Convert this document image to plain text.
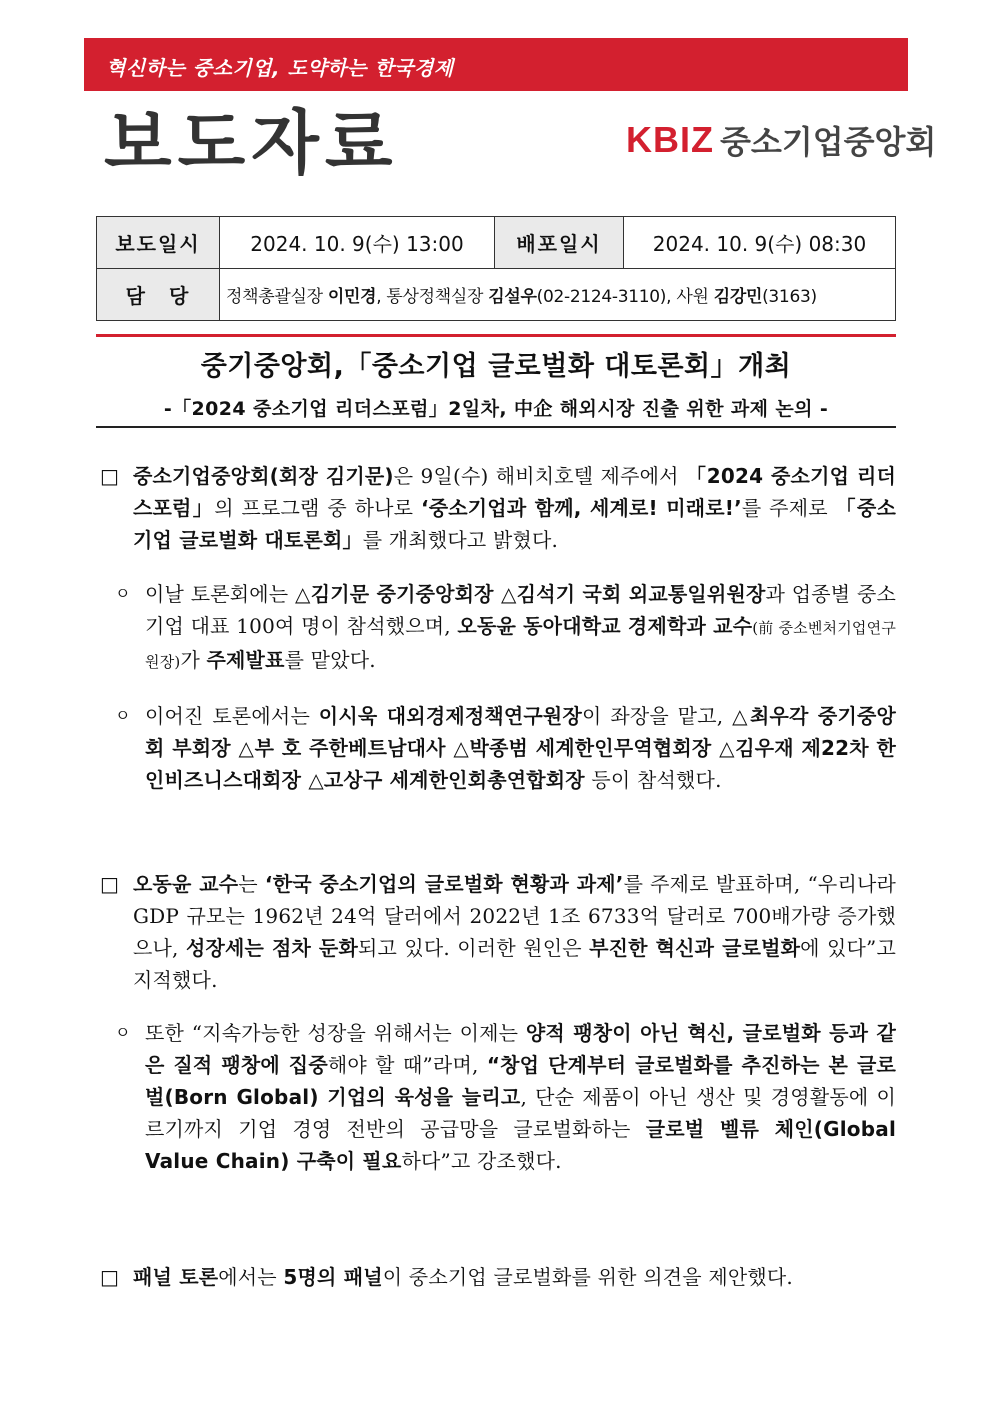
혁신하는 중소기업, 도약하는 한국경제
보도자료	KBIZ 중소기업중앙회
보도일시	2024. 10. 9(수) 13:00	배포일시	2024. 10. 9(수) 08:30
담　당	정책총괄실장 이민경, 통상정책실장 김설우(02-2124-3110), 사원 김강민(3163)		
중기중앙회,「중소기업 글로벌화 대토론회」개최
-「2024 중소기업 리더스포럼」2일차, 中企 해외시장 진출 위한 과제 논의 -
□ 중소기업중앙회(회장 김기문)은 9일(수) 해비치호텔 제주에서 「2024 중소기업 리더스포럼」의 프로그램 중 하나로 ‘중소기업과 함께, 세계로! 미래로!’를 주제로 「중소기업 글로벌화 대토론회」를 개최했다고 밝혔다.
ㅇ 이날 토론회에는 △김기문 중기중앙회장 △김석기 국회 외교통일위원장과 업종별 중소기업 대표 100여 명이 참석했으며, 오동윤 동아대학교 경제학과 교수(前 중소벤처기업연구원장)가 주제발표를 맡았다.
ㅇ 이어진 토론에서는 이시욱 대외경제정책연구원장이 좌장을 맡고, △최우각 중기중앙회 부회장 △부 호 주한베트남대사 △박종범 세계한인무역협회장 △김우재 제22차 한인비즈니스대회장 △고상구 세계한인회총연합회장 등이 참석했다.
□ 오동윤 교수는 ‘한국 중소기업의 글로벌화 현황과 과제’를 주제로 발표하며, “우리나라 GDP 규모는 1962년 24억 달러에서 2022년 1조 6733억 달러로 700배가량 증가했으나, 성장세는 점차 둔화되고 있다. 이러한 원인은 부진한 혁신과 글로벌화에 있다”고 지적했다.
ㅇ 또한 “지속가능한 성장을 위해서는 이제는 양적 팽창이 아닌 혁신, 글로벌화 등과 같은 질적 팽창에 집중해야 할 때”라며, “창업 단계부터 글로벌화를 추진하는 본 글로벌(Born Global) 기업의 육성을 늘리고, 단순 제품이 아닌 생산 및 경영활동에 이르기까지 기업 경영 전반의 공급망을 글로벌화하는 글로벌 벨류 체인(Global Value Chain) 구축이 필요하다”고 강조했다.
□ 패널 토론에서는 5명의 패널이 중소기업 글로벌화를 위한 의견을 제안했다.
